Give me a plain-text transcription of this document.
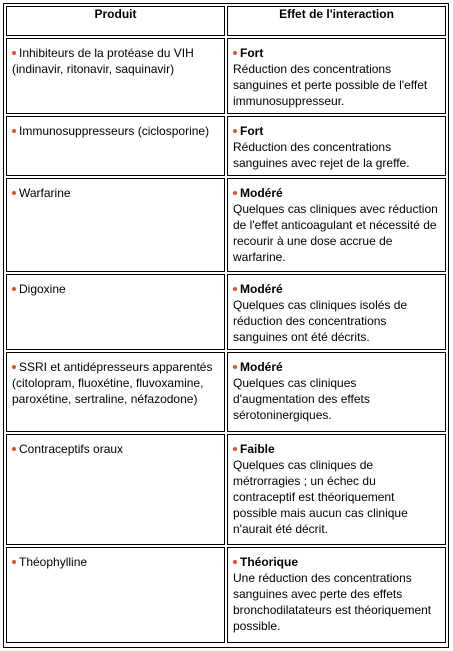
Produit	Effet de l'interaction

Inhibiteurs de la protéase du VIH (indinavir, ritonavir, saquinavir)	Fort
Réduction des concentrations sanguines et perte possible de l'effet immunosuppresseur.

Immunosuppresseurs (ciclosporine)	Fort
Réduction des concentrations sanguines avec rejet de la greffe.

Warfarine	Modéré
Quelques cas cliniques avec réduction de l'effet anticoagulant et nécessité de recourir à une dose accrue de warfarine.

Digoxine	Modéré
Quelques cas cliniques isolés de réduction des concentrations sanguines ont été décrits.

SSRI et antidépresseurs apparentés (citolopram, fluoxétine, fluvoxamine, paroxétine, sertraline, néfazodone)	Modéré
Quelques cas cliniques d'augmentation des effets sérotoninergiques.

Contraceptifs oraux	Faible
Quelques cas cliniques de métrorragies ; un échec du contraceptif est théoriquement possible mais aucun cas clinique n'aurait été décrit.

Théophylline	Théorique
Une réduction des concentrations sanguines avec perte des effets bronchodilatateurs est théoriquement possible.
